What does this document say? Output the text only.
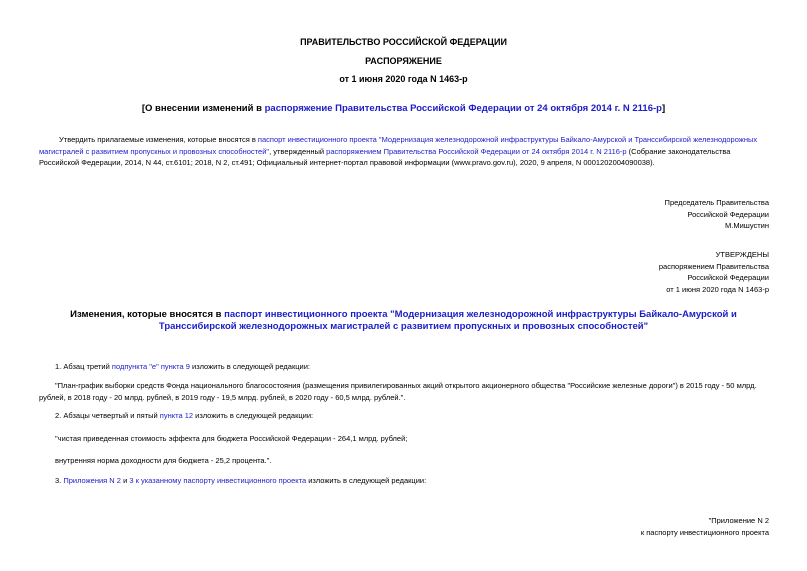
ПРАВИТЕЛЬСТВО РОССИЙСКОЙ ФЕДЕРАЦИИ
РАСПОРЯЖЕНИЕ
от 1 июня 2020 года N 1463-р
[О внесении изменений в распоряжение Правительства Российской Федерации от 24 октября 2014 г. N 2116-р]
Утвердить прилагаемые изменения, которые вносятся в паспорт инвестиционного проекта "Модернизация железнодорожной инфраструктуры Байкало-Амурской и Транссибирской железнодорожных магистралей с развитием пропускных и провозных способностей", утвержденный распоряжением Правительства Российской Федерации от 24 октября 2014 г. N 2116-р (Собрание законодательства Российской Федерации, 2014, N 44, ст.6101; 2018, N 2, ст.491; Официальный интернет-портал правовой информации (www.pravo.gov.ru), 2020, 9 апреля, N 0001202004090038).
Председатель Правительства
Российской Федерации
М.Мишустин
УТВЕРЖДЕНЫ
распоряжением Правительства
Российской Федерации
от 1 июня 2020 года N 1463-р
Изменения, которые вносятся в паспорт инвестиционного проекта "Модернизация железнодорожной инфраструктуры Байкало-Амурской и Транссибирской железнодорожных магистралей с развитием пропускных и провозных способностей"
1. Абзац третий подпункта "е" пункта 9 изложить в следующей редакции:
"План-график выборки средств Фонда национального благосостояния (размещения привилегированных акций открытого акционерного общества "Российские железные дороги") в 2015 году - 50 млрд. рублей, в 2018 году - 20 млрд. рублей, в 2019 году - 19,5 млрд. рублей, в 2020 году - 60,5 млрд. рублей.".
2. Абзацы четвертый и пятый пункта 12 изложить в следующей редакции:
"чистая приведенная стоимость эффекта для бюджета Российской Федерации - 264,1 млрд. рублей;
внутренняя норма доходности для бюджета - 25,2 процента.".
3. Приложения N 2 и 3 к указанному паспорту инвестиционного проекта изложить в следующей редакции:
"Приложение N 2
к паспорту инвестиционного проекта
